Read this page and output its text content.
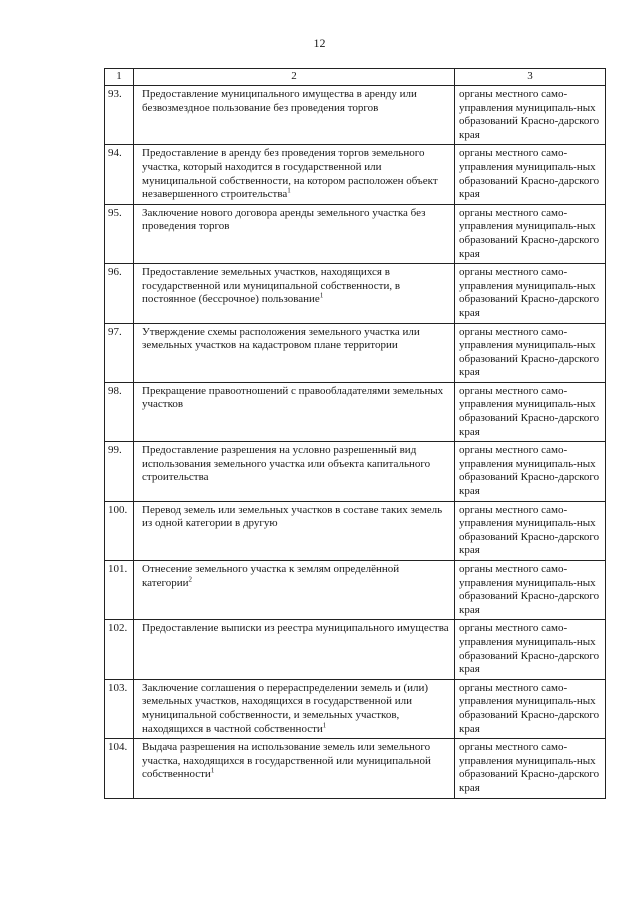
12
1	2	3
93.	Предоставление муниципального имущества в аренду или безвозмездное пользование без проведения торгов	органы местного само-управления муниципаль-ных образований Красно-дарского края
94.	Предоставление в аренду без проведения торгов земельного участка, который находится в государственной или муниципальной собственности, на котором расположен объект незавершенного строительства$^1$	органы местного само-управления муниципаль-ных образований Красно-дарского края
95.	Заключение нового договора аренды земельного участка без проведения торгов	органы местного само-управления муниципаль-ных образований Красно-дарского края
96.	Предоставление земельных участков, находящихся в государственной или муниципальной собственности, в постоянное (бессрочное) пользование$^1$	органы местного само-управления муниципаль-ных образований Красно-дарского края
97.	Утверждение схемы расположения земельного участка или земельных участков на кадастровом плане территории	органы местного само-управления муниципаль-ных образований Красно-дарского края
98.	Прекращение правоотношений с правообладателями земельных участков	органы местного само-управления муниципаль-ных образований Красно-дарского края
99.	Предоставление разрешения на условно разрешенный вид использования земельного участка или объекта капитального строительства	органы местного само-управления муниципаль-ных образований Красно-дарского края
100.	Перевод земель или земельных участков в составе таких земель из одной категории в другую	органы местного само-управления муниципаль-ных образований Красно-дарского края
101.	Отнесение земельного участка к землям определённой категории$^2$	органы местного само-управления муниципаль-ных образований Красно-дарского края
102.	Предоставление выписки из реестра муниципального имущества	органы местного само-управления муниципаль-ных образований Красно-дарского края
103.	Заключение соглашения о перераспределении земель и (или) земельных участков, находящихся в государственной или муниципальной собственности, и земельных участков, находящихся в частной собственности$^1$	органы местного само-управления муниципаль-ных образований Красно-дарского края
104.	Выдача разрешения на использование земель или земельного участка, находящихся в государственной или муниципальной собственности$^1$	органы местного само-управления муниципаль-ных образований Красно-дарского края
